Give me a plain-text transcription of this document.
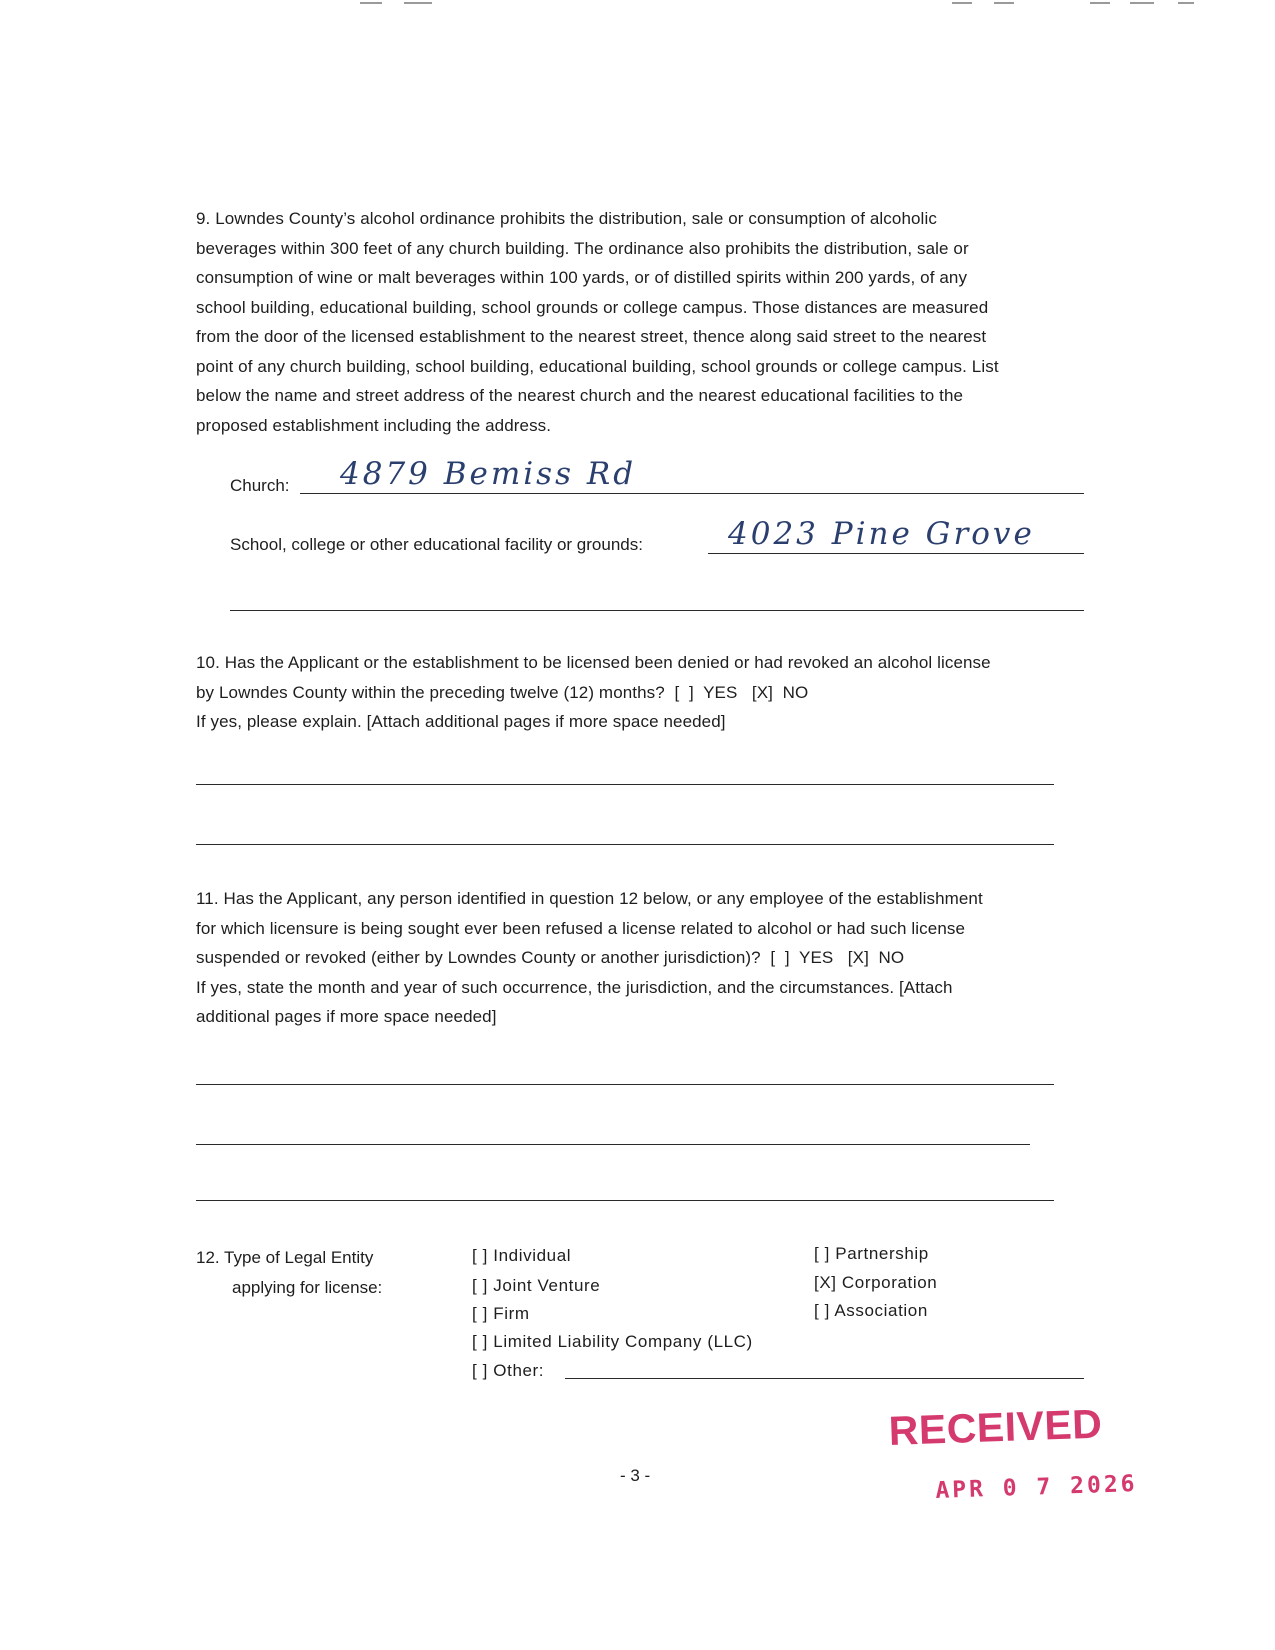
9. Lowndes County’s alcohol ordinance prohibits the distribution, sale or consumption of alcoholic
beverages within 300 feet of any church building. The ordinance also prohibits the distribution, sale or
consumption of wine or malt beverages within 100 yards, or of distilled spirits within 200 yards, of any
school building, educational building, school grounds or college campus. Those distances are measured
from the door of the licensed establishment to the nearest street, thence along said street to the nearest
point of any church building, school building, educational building, school grounds or college campus. List
below the name and street address of the nearest church and the nearest educational facilities to the
proposed establishment including the address.
Church: 4879 Bemiss Rd
School, college or other educational facility or grounds:	4023 Pine Grove
10. Has the Applicant or the establishment to be licensed been denied or had revoked an alcohol license
by Lowndes County within the preceding twelve (12) months?  [  ]  YES   [X]  NO
If yes, please explain. [Attach additional pages if more space needed]
11. Has the Applicant, any person identified in question 12 below, or any employee of the establishment
for which licensure is being sought ever been refused a license related to alcohol or had such license
suspended or revoked (either by Lowndes County or another jurisdiction)?  [  ]  YES   [X]  NO
If yes, state the month and year of such occurrence, the jurisdiction, and the circumstances. [Attach
additional pages if more space needed]
12. Type of Legal Entity
applying for license:
[ ] Individual
[ ] Joint Venture
[ ] Firm
[ ] Limited Liability Company (LLC)
[ ] Other:
[ ] Partnership
[X] Corporation
[ ] Association
- 3 -
RECEIVED
APR 0 7 2026
